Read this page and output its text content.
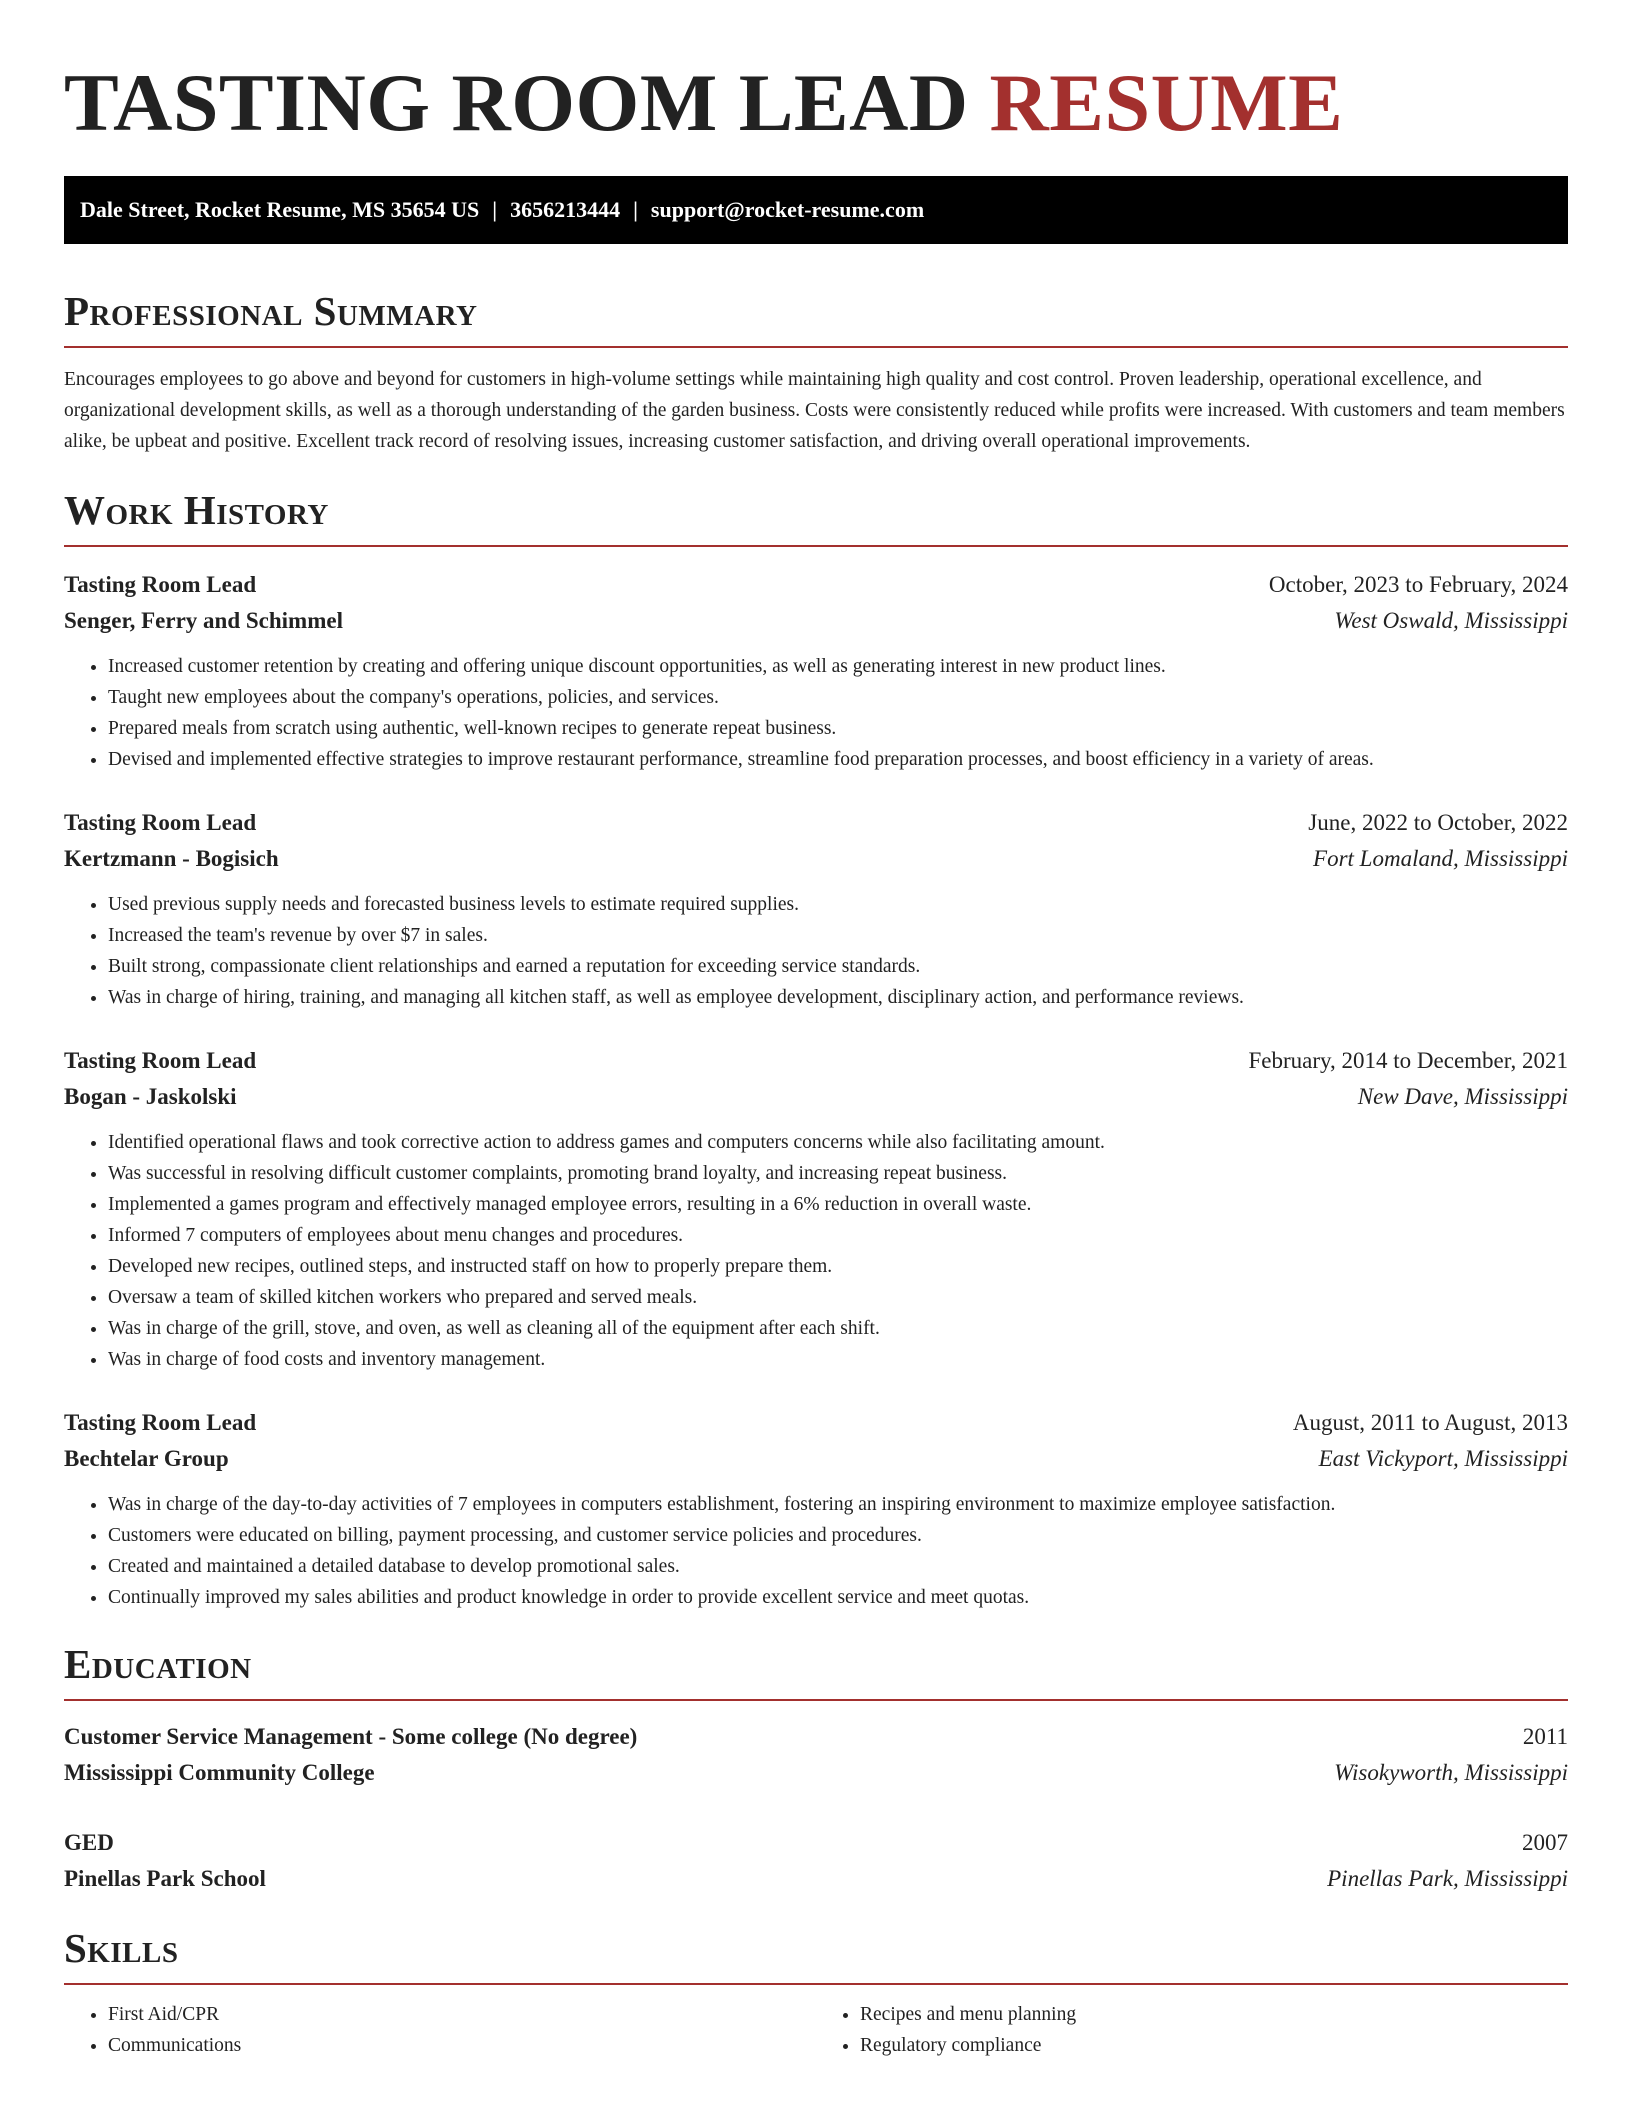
TASTING ROOM LEAD RESUME
Dale Street, Rocket Resume, MS 35654 US | 3656213444 | support@rocket-resume.com
Professional Summary

Encourages employees to go above and beyond for customers in high-volume settings while maintaining high quality and cost control. Proven leadership, operational excellence, and organizational development skills, as well as a thorough understanding of the garden business. Costs were consistently reduced while profits were increased. With customers and team members alike, be upbeat and positive. Excellent track record of resolving issues, increasing customer satisfaction, and driving overall operational improvements.

Work History
Tasting Room Lead	October, 2023 to February, 2024
Senger, Ferry and Schimmel	West Oswald, Mississippi
• Increased customer retention by creating and offering unique discount opportunities, as well as generating interest in new product lines.
• Taught new employees about the company's operations, policies, and services.
• Prepared meals from scratch using authentic, well-known recipes to generate repeat business.
• Devised and implemented effective strategies to improve restaurant performance, streamline food preparation processes, and boost efficiency in a variety of areas.
Tasting Room Lead	June, 2022 to October, 2022
Kertzmann - Bogisich	Fort Lomaland, Mississippi
• Used previous supply needs and forecasted business levels to estimate required supplies.
• Increased the team's revenue by over $7 in sales.
• Built strong, compassionate client relationships and earned a reputation for exceeding service standards.
• Was in charge of hiring, training, and managing all kitchen staff, as well as employee development, disciplinary action, and performance reviews.
Tasting Room Lead	February, 2014 to December, 2021
Bogan - Jaskolski	New Dave, Mississippi
• Identified operational flaws and took corrective action to address games and computers concerns while also facilitating amount.
• Was successful in resolving difficult customer complaints, promoting brand loyalty, and increasing repeat business.
• Implemented a games program and effectively managed employee errors, resulting in a 6% reduction in overall waste.
• Informed 7 computers of employees about menu changes and procedures.
• Developed new recipes, outlined steps, and instructed staff on how to properly prepare them.
• Oversaw a team of skilled kitchen workers who prepared and served meals.
• Was in charge of the grill, stove, and oven, as well as cleaning all of the equipment after each shift.
• Was in charge of food costs and inventory management.
Tasting Room Lead	August, 2011 to August, 2013
Bechtelar Group	East Vickyport, Mississippi
• Was in charge of the day-to-day activities of 7 employees in computers establishment, fostering an inspiring environment to maximize employee satisfaction.
• Customers were educated on billing, payment processing, and customer service policies and procedures.
• Created and maintained a detailed database to develop promotional sales.
• Continually improved my sales abilities and product knowledge in order to provide excellent service and meet quotas.
Education
Customer Service Management - Some college (No degree)	2011
Mississippi Community College	Wisokyworth, Mississippi
GED	2007
Pinellas Park School	Pinellas Park, Mississippi
Skills
• First Aid/CPR
• Communications
• Recipes and menu planning
• Regulatory compliance
